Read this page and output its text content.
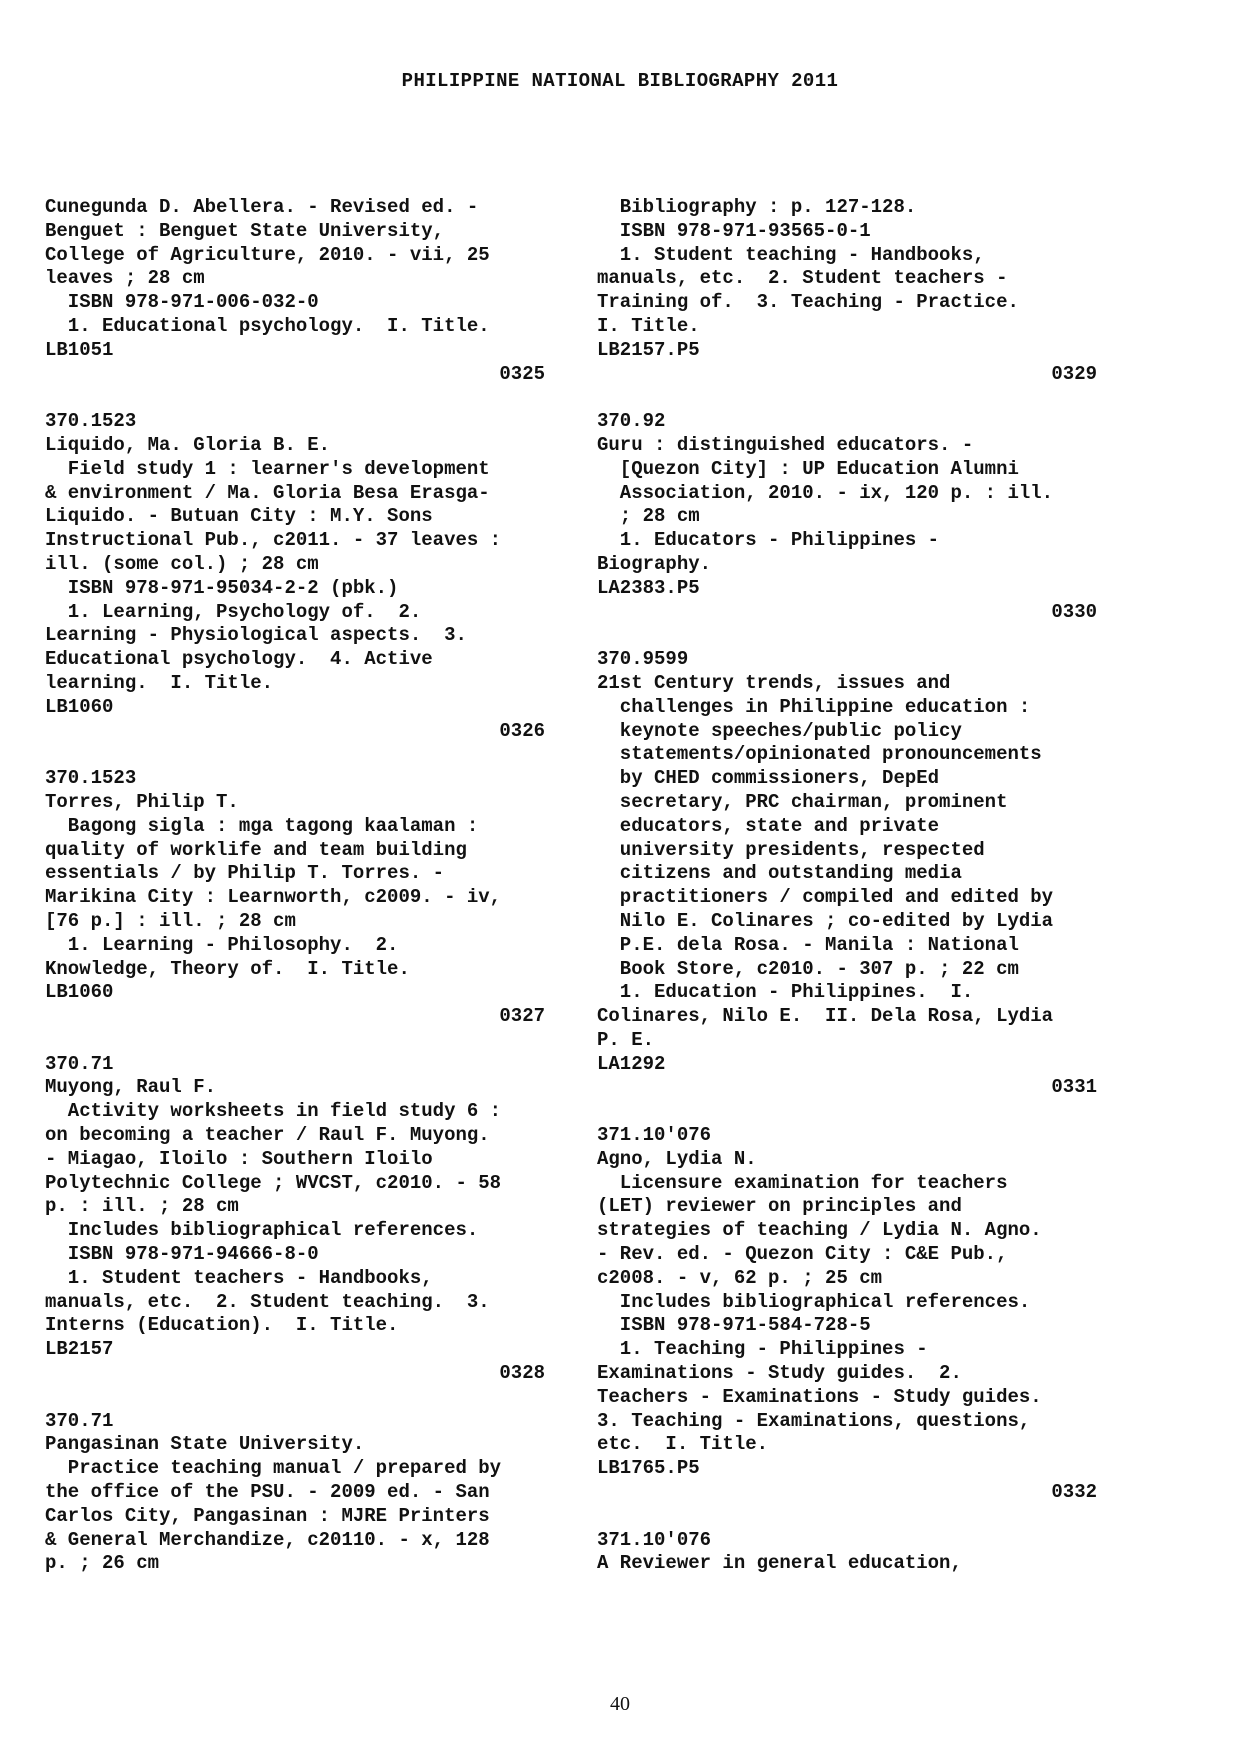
PHILIPPINE NATIONAL BIBLIOGRAPHY 2011
Cunegunda D. Abellera. - Revised ed. -
Benguet : Benguet State University,
College of Agriculture, 2010. - vii, 25
leaves ; 28 cm
ISBN 978-971-006-032-0
1. Educational psychology.  I. Title.
LB1051
0325
370.1523
Liquido, Ma. Gloria B. E.
Field study 1 : learner's development
& environment / Ma. Gloria Besa Erasga-
Liquido. - Butuan City : M.Y. Sons
Instructional Pub., c2011. - 37 leaves :
ill. (some col.) ; 28 cm
ISBN 978-971-95034-2-2 (pbk.)
1. Learning, Psychology of.  2.
Learning - Physiological aspects.  3.
Educational psychology.  4. Active
learning.  I. Title.
LB1060
0326
370.1523
Torres, Philip T.
Bagong sigla : mga tagong kaalaman :
quality of worklife and team building
essentials / by Philip T. Torres. -
Marikina City : Learnworth, c2009. - iv,
[76 p.] : ill. ; 28 cm
1. Learning - Philosophy.  2.
Knowledge, Theory of.  I. Title.
LB1060
0327
370.71
Muyong, Raul F.
Activity worksheets in field study 6 :
on becoming a teacher / Raul F. Muyong.
- Miagao, Iloilo : Southern Iloilo
Polytechnic College ; WVCST, c2010. - 58
p. : ill. ; 28 cm
Includes bibliographical references.
ISBN 978-971-94666-8-0
1. Student teachers - Handbooks,
manuals, etc.  2. Student teaching.  3.
Interns (Education).  I. Title.
LB2157
0328
370.71
Pangasinan State University.
Practice teaching manual / prepared by
the office of the PSU. - 2009 ed. - San
Carlos City, Pangasinan : MJRE Printers
& General Merchandize, c20110. - x, 128
p. ; 26 cm
Bibliography : p. 127-128.
ISBN 978-971-93565-0-1
1. Student teaching - Handbooks,
manuals, etc.  2. Student teachers -
Training of.  3. Teaching - Practice.
I. Title.
LB2157.P5
0329
370.92
Guru : distinguished educators. -
[Quezon City] : UP Education Alumni
Association, 2010. - ix, 120 p. : ill.
; 28 cm
1. Educators - Philippines -
Biography.
LA2383.P5
0330
370.9599
21st Century trends, issues and
challenges in Philippine education :
keynote speeches/public policy
statements/opinionated pronouncements
by CHED commissioners, DepEd
secretary, PRC chairman, prominent
educators, state and private
university presidents, respected
citizens and outstanding media
practitioners / compiled and edited by
Nilo E. Colinares ; co-edited by Lydia
P.E. dela Rosa. - Manila : National
Book Store, c2010. - 307 p. ; 22 cm
1. Education - Philippines.  I.
Colinares, Nilo E.  II. Dela Rosa, Lydia
P. E.
LA1292
0331
371.10'076
Agno, Lydia N.
Licensure examination for teachers
(LET) reviewer on principles and
strategies of teaching / Lydia N. Agno.
- Rev. ed. - Quezon City : C&E Pub.,
c2008. - v, 62 p. ; 25 cm
Includes bibliographical references.
ISBN 978-971-584-728-5
1. Teaching - Philippines -
Examinations - Study guides.  2.
Teachers - Examinations - Study guides.
3. Teaching - Examinations, questions,
etc.  I. Title.
LB1765.P5
0332
371.10'076
A Reviewer in general education,
40
